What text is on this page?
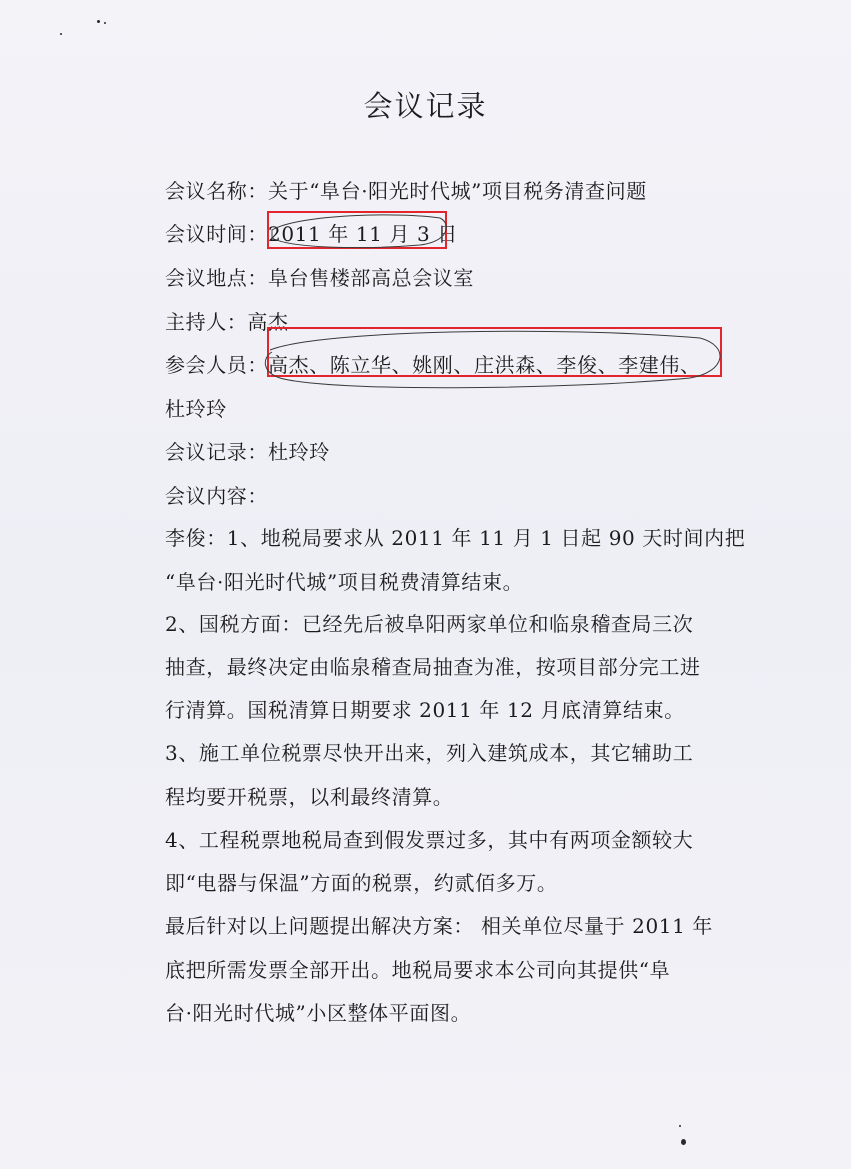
会议记录
会议名称：关于“阜台·阳光时代城”项目税务清查问题
会议时间：2011 年 11 月 3 日
会议地点：阜台售楼部高总会议室
主持人：高杰
参会人员：高杰、陈立华、姚刚、庄洪森、李俊、李建伟、
杜玲玲
会议记录：杜玲玲
会议内容：
李俊：1、地税局要求从 2011 年 11 月 1 日起 90 天时间内把
“阜台·阳光时代城”项目税费清算结束。
2、国税方面：已经先后被阜阳两家单位和临泉稽查局三次
抽查，最终决定由临泉稽查局抽查为准，按项目部分完工进
行清算。国税清算日期要求 2011 年 12 月底清算结束。
3、施工单位税票尽快开出来，列入建筑成本，其它辅助工
程均要开税票，以利最终清算。
4、工程税票地税局查到假发票过多，其中有两项金额较大
即“电器与保温”方面的税票，约贰佰多万。
最后针对以上问题提出解决方案： 相关单位尽量于 2011 年
底把所需发票全部开出。地税局要求本公司向其提供“阜
台·阳光时代城”小区整体平面图。
